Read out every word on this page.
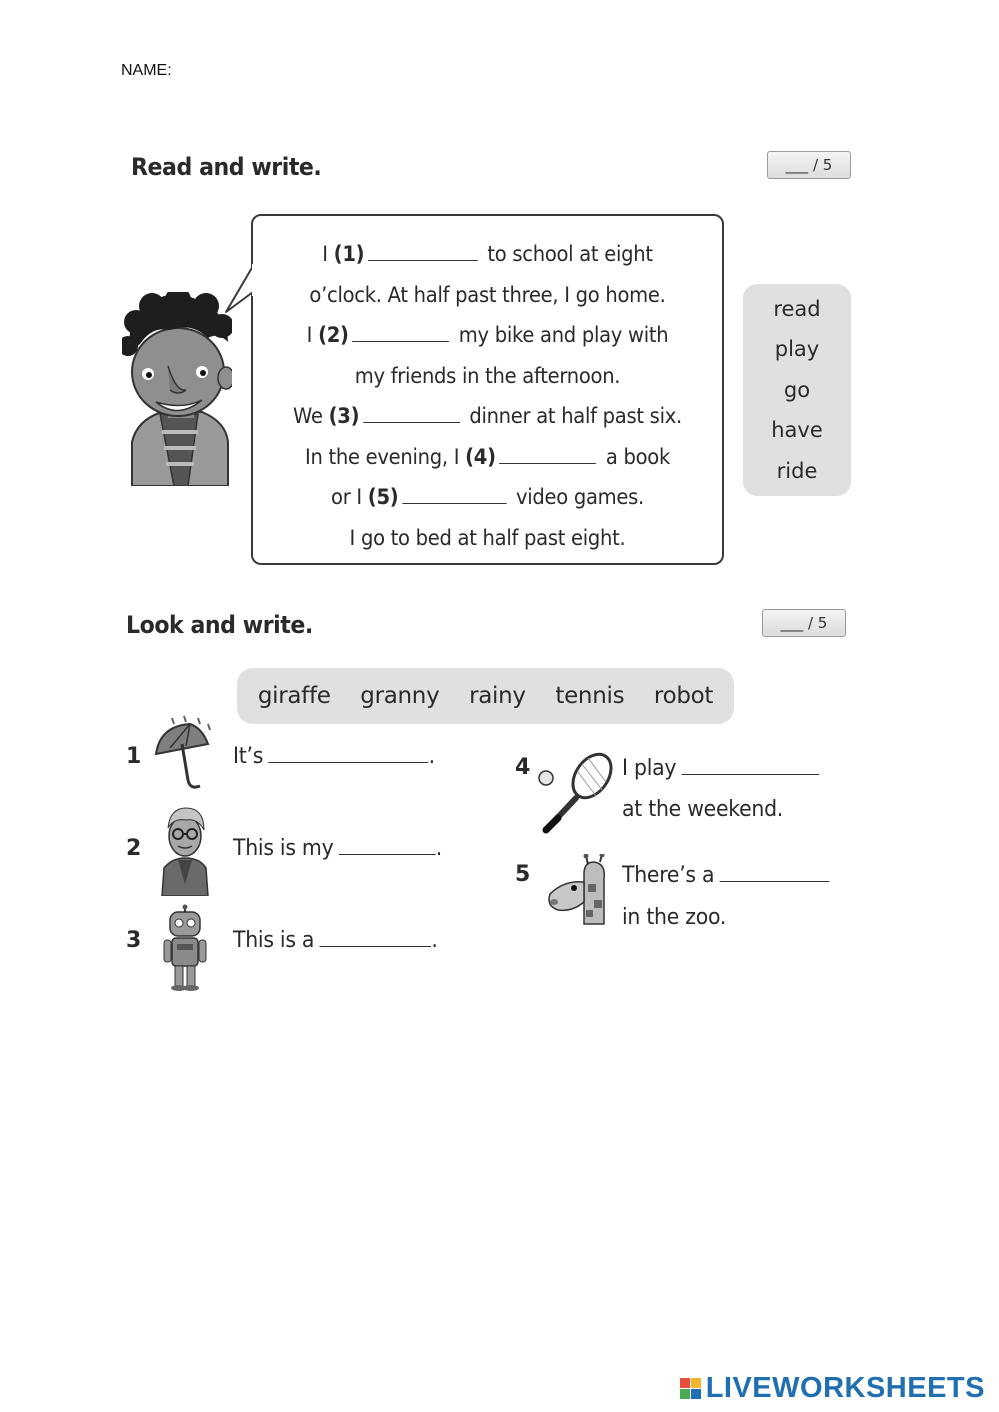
NAME:
Read and write.	___ / 5
I (1)	to school at eight
o’clock. At half past three, I go home.
I (2)	my bike and play with
my friends in the afternoon.
We (3)	dinner at half past six.
In the evening, I (4)	a book
or I (5)	video games.
I go to bed at half past eight.
read
play
go
have
ride
Look and write.	___ / 5
giraffe granny rainy tennis robot
1	It’s	.
2	This is my	.
3	This is a	.
4	I play
at the weekend.
5	There’s a
in the zoo.
LIVEWORKSHEETS
